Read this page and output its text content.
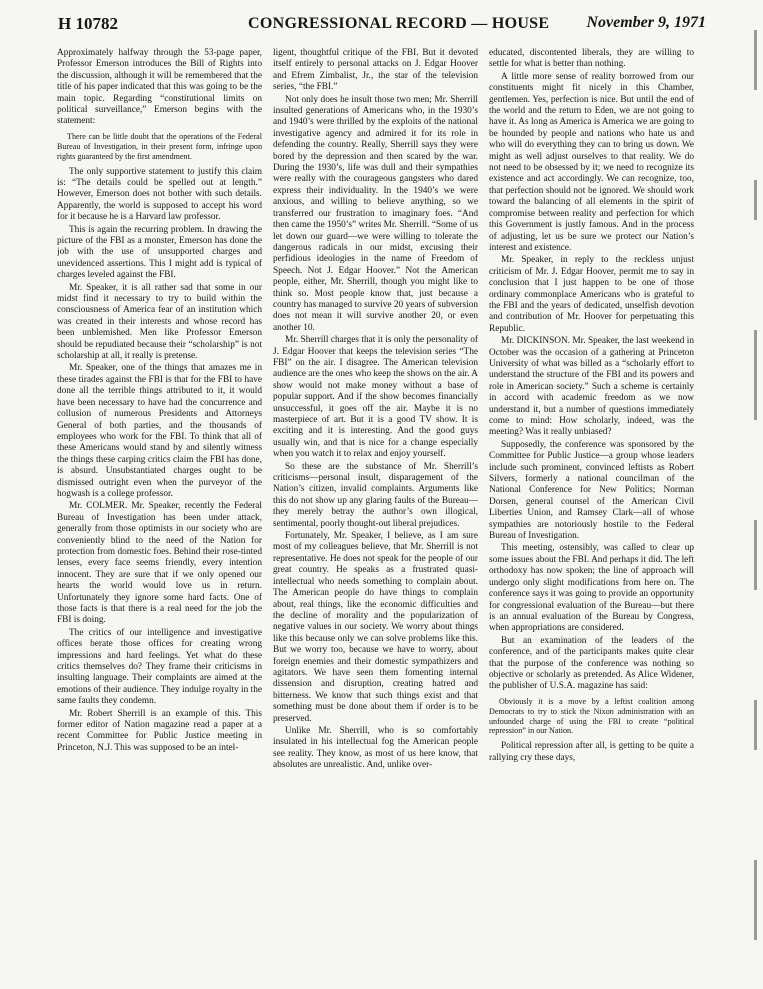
H 10782	CONGRESSIONAL RECORD — HOUSE November 9, 1971

Approximately halfway through the 53-page paper, Professor Emerson introduces the Bill of Rights into the discussion, although it will be remembered that the title of his paper indicated that this was going to be the main topic. Regarding “constitutional limits on political surveillance,” Emerson begins with the statement:

There can be little doubt that the operations of the Federal Bureau of Investigation, in their present form, infringe upon rights guaranteed by the first amendment.

The only supportive statement to justify this claim is: “The details could be spelled out at length.” However, Emerson does not bother with such details. Apparently, the world is supposed to accept his word for it because he is a Harvard law professor.

This is again the recurring problem. In drawing the picture of the FBI as a monster, Emerson has done the job with the use of unsupported charges and unevidenced assertions. This I might add is typical of charges leveled against the FBI.

Mr. Speaker, it is all rather sad that some in our midst find it necessary to try to build within the consciousness of America fear of an institution which was created in their interests and whose record has been unblemished. Men like Professor Emerson should be repudiated because their “scholarship” is not scholarship at all, it really is pretense.

Mr. Speaker, one of the things that amazes me in these tirades against the FBI is that for the FBI to have done all the terrible things attributed to it, it would have been necessary to have had the concurrence and collusion of numerous Presidents and Attorneys General of both parties, and the thousands of employees who work for the FBI. To think that all of these Americans would stand by and silently witness the things these carping critics claim the FBI has done, is absurd. Unsubstantiated charges ought to be dismissed outright even when the purveyor of the hogwash is a college professor.

Mr. COLMER. Mr. Speaker, recently the Federal Bureau of Investigation has been under attack, generally from those optimists in our society who are conveniently blind to the need of the Nation for protection from domestic foes. Behind their rose-tinted lenses, every face seems friendly, every intention innocent. They are sure that if we only opened our hearts the world would love us in return. Unfortunately they ignore some hard facts. One of those facts is that there is a real need for the job the FBI is doing.

The critics of our intelligence and investigative offices berate those offices for creating wrong impressions and hard feelings. Yet what do these critics themselves do? They frame their criticisms in insulting language. Their complaints are aimed at the emotions of their audience. They indulge royalty in the same faults they condemn.

Mr. Robert Sherrill is an example of this. This former editor of Nation magazine read a paper at a recent Committee for Public Justice meeting in Princeton, N.J. This was supposed to be an intel-

ligent, thoughtful critique of the FBI. But it devoted itself entirely to personal attacks on J. Edgar Hoover and Efrem Zimbalist, Jr., the star of the television series, “the FBI.”

Not only does he insult those two men; Mr. Sherrill insulted generations of Americans who, in the 1930’s and 1940’s were thrilled by the exploits of the national investigative agency and admired it for its role in defending the country. Really, Sherrill says they were bored by the depression and then scared by the war. During the 1930’s, life was dull and their sympathies were really with the courageous gangsters who dared express their individuality. In the 1940’s we were anxious, and willing to believe anything, so we transferred our frustration to imaginary foes. “And then came the 1950’s” writes Mr. Sherrill. “Some of us let down our guard—we were willing to tolerate the dangerous radicals in our midst, excusing their perfidious ideologies in the name of Freedom of Speech. Not J. Edgar Hoover.” Not the American people, either, Mr. Sherrill, though you might like to think so. Most people know that, just because a country has managed to survive 20 years of subversion does not mean it will survive another 20, or even another 10.

Mr. Sherrill charges that it is only the personality of J. Edgar Hoover that keeps the television series “The FBI” on the air. I disagree. The American television audience are the ones who keep the shows on the air. A show would not make money without a base of popular support. And if the show becomes financially unsuccessful, it goes off the air. Maybe it is no masterpiece of art. But it is a good TV show. It is exciting and it is interesting. And the good guys usually win, and that is nice for a change especially when you watch it to relax and enjoy yourself.

So these are the substance of Mr. Sherrill’s criticisms—personal insult, disparagement of the Nation’s citizen, invalid complaints. Arguments like this do not show up any glaring faults of the Bureau—they merely betray the author’s own illogical, sentimental, poorly thought-out liberal prejudices.

Fortunately, Mr. Speaker, I believe, as I am sure most of my colleagues believe, that Mr. Sherrill is not representative. He does not speak for the people of our great country. He speaks as a frustrated quasi-intellectual who needs something to complain about. The American people do have things to complain about, real things, like the economic difficulties and the decline of morality and the popularization of negative values in our society. We worry about things like this because only we can solve problems like this. But we worry too, because we have to worry, about foreign enemies and their domestic sympathizers and agitators. We have seen them fomenting internal dissension and disruption, creating hatred and bitterness. We know that such things exist and that something must be done about them if order is to be preserved.

Unlike Mr. Sherrill, who is so comfortably insulated in his intellectual fog the American people see reality. They know, as most of us here know, that absolutes are unrealistic. And, unlike over-

educated, discontented liberals, they are willing to settle for what is better than nothing.

A little more sense of reality borrowed from our constituents might fit nicely in this Chamber, gentlemen. Yes, perfection is nice. But until the end of the world and the return to Eden, we are not going to have it. As long as America is America we are going to be hounded by people and nations who hate us and who will do everything they can to bring us down. We might as well adjust ourselves to that reality. We do not need to be obsessed by it; we need to recognize its existence and act accordingly. We can recognize, too, that perfection should not be ignored. We should work toward the balancing of all elements in the spirit of compromise between reality and perfection for which this Government is justly famous. And in the process of adjusting, let us be sure we protect our Nation’s interest and existence.

Mr. Speaker, in reply to the reckless unjust criticism of Mr. J. Edgar Hoover, permit me to say in conclusion that I just happen to be one of those ordinary commonplace Americans who is grateful to the FBI and the years of dedicated, unselfish devotion and contribution of Mr. Hoover for perpetuating this Republic.

Mr. DICKINSON. Mr. Speaker, the last weekend in October was the occasion of a gathering at Princeton University of what was billed as a “scholarly effort to understand the structure of the FBI and its powers and role in American society.” Such a scheme is certainly in accord with academic freedom as we now understand it, but a number of questions immediately come to mind: How scholarly, indeed, was the meeting? Was it really unbiased?

Supposedly, the conference was sponsored by the Committee for Public Justice—a group whose leaders include such prominent, convinced leftists as Robert Silvers, formerly a national councilman of the National Conference for New Politics; Norman Dorsen, general counsel of the American Civil Liberties Union, and Ramsey Clark—all of whose sympathies are notoriously hostile to the Federal Bureau of Investigation.

This meeting, ostensibly, was called to clear up some issues about the FBI. And perhaps it did. The left orthodoxy has now spoken; the line of approach will undergo only slight modifications from here on. The conference says it was going to provide an opportunity for congressional evaluation of the Bureau—but there is an annual evaluation of the Bureau by Congress, when appropriations are considered.

But an examination of the leaders of the conference, and of the participants makes quite clear that the purpose of the conference was nothing so objective or scholarly as pretended. As Alice Widener, the publisher of U.S.A. magazine has said:

Obviously it is a move by a leftist coalition among Democrats to try to stick the Nixon administration with an unfounded charge of using the FBI to create “political repression” in our Nation.

Political repression after all, is getting to be quite a rallying cry these days,
